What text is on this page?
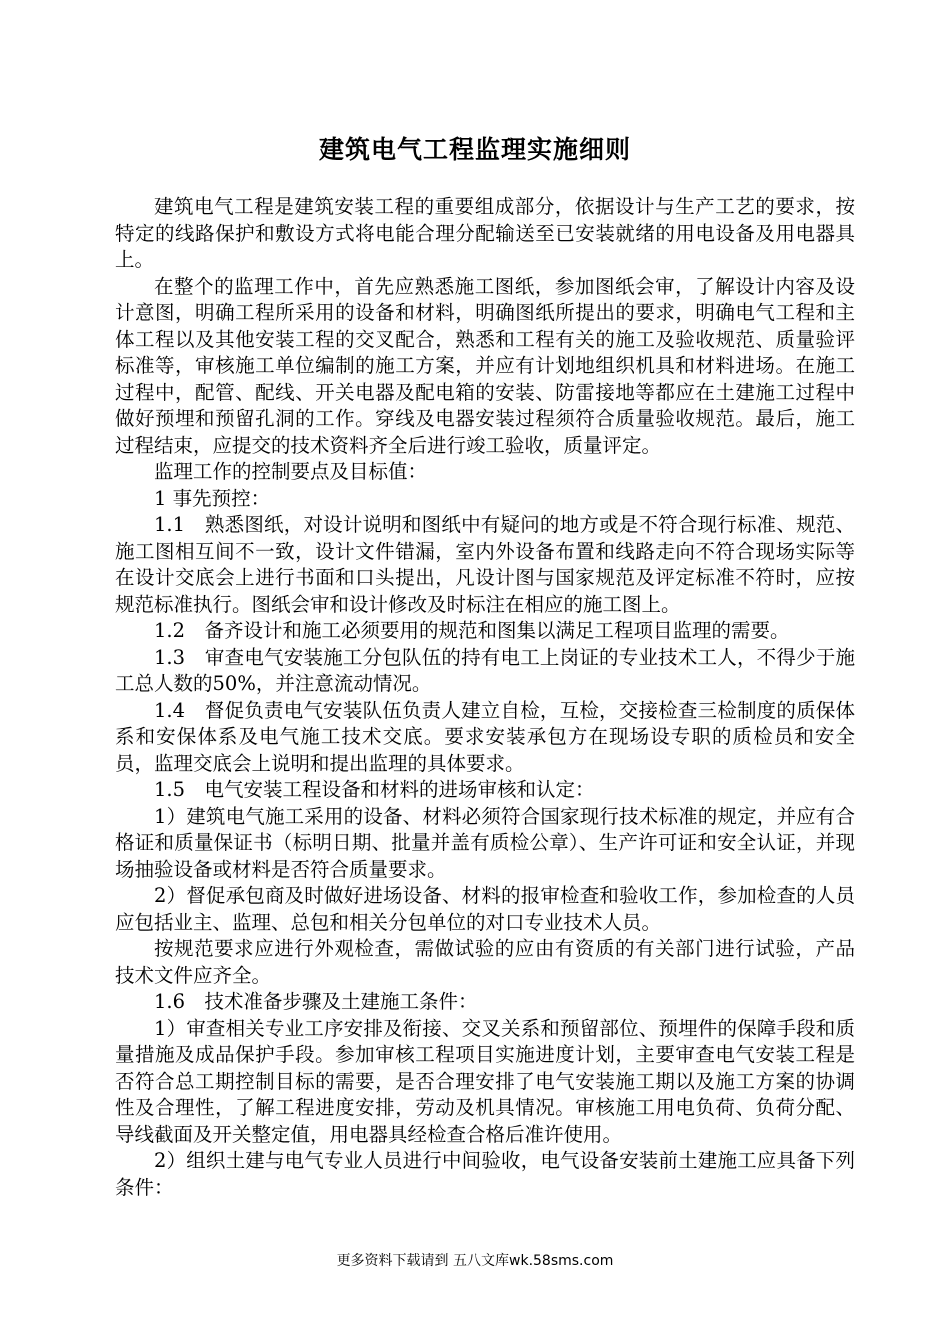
建筑电气工程监理实施细则

建筑电气工程是建筑安装工程的重要组成部分，依据设计与生产工艺的要求，按特定的线路保护和敷设方式将电能合理分配输送至已安装就绪的用电设备及用电器具上。

在整个的监理工作中，首先应熟悉施工图纸，参加图纸会审，了解设计内容及设计意图，明确工程所采用的设备和材料，明确图纸所提出的要求，明确电气工程和主体工程以及其他安装工程的交叉配合，熟悉和工程有关的施工及验收规范、质量验评标准等，审核施工单位编制的施工方案，并应有计划地组织机具和材料进场。在施工过程中，配管、配线、开关电器及配电箱的安装、防雷接地等都应在土建施工过程中做好预埋和预留孔洞的工作。穿线及电器安装过程须符合质量验收规范。最后，施工过程结束，应提交的技术资料齐全后进行竣工验收，质量评定。

监理工作的控制要点及目标值：

1 事先预控：

1.1　熟悉图纸，对设计说明和图纸中有疑问的地方或是不符合现行标准、规范、施工图相互间不一致，设计文件错漏，室内外设备布置和线路走向不符合现场实际等在设计交底会上进行书面和口头提出，凡设计图与国家规范及评定标准不符时，应按规范标准执行。图纸会审和设计修改及时标注在相应的施工图上。

1.2　备齐设计和施工必须要用的规范和图集以满足工程项目监理的需要。

1.3　审查电气安装施工分包队伍的持有电工上岗证的专业技术工人，不得少于施工总人数的50%，并注意流动情况。

1.4　督促负责电气安装队伍负责人建立自检，互检，交接检查三检制度的质保体系和安保体系及电气施工技术交底。要求安装承包方在现场设专职的质检员和安全员，监理交底会上说明和提出监理的具体要求。

1.5　电气安装工程设备和材料的进场审核和认定：

1）建筑电气施工采用的设备、材料必须符合国家现行技术标准的规定，并应有合格证和质量保证书（标明日期、批量并盖有质检公章）、生产许可证和安全认证，并现场抽验设备或材料是否符合质量要求。

2）督促承包商及时做好进场设备、材料的报审检查和验收工作，参加检查的人员应包括业主、监理、总包和相关分包单位的对口专业技术人员。

按规范要求应进行外观检查，需做试验的应由有资质的有关部门进行试验，产品技术文件应齐全。

1.6　技术准备步骤及土建施工条件：

1）审查相关专业工序安排及衔接、交叉关系和预留部位、预埋件的保障手段和质量措施及成品保护手段。参加审核工程项目实施进度计划，主要审查电气安装工程是否符合总工期控制目标的需要，是否合理安排了电气安装施工期以及施工方案的协调性及合理性，了解工程进度安排，劳动及机具情况。审核施工用电负荷、负荷分配、导线截面及开关整定值，用电器具经检查合格后准许使用。

2）组织土建与电气专业人员进行中间验收，电气设备安装前土建施工应具备下列条件：

更多资料下载请到 五八文库wk.58sms.com
